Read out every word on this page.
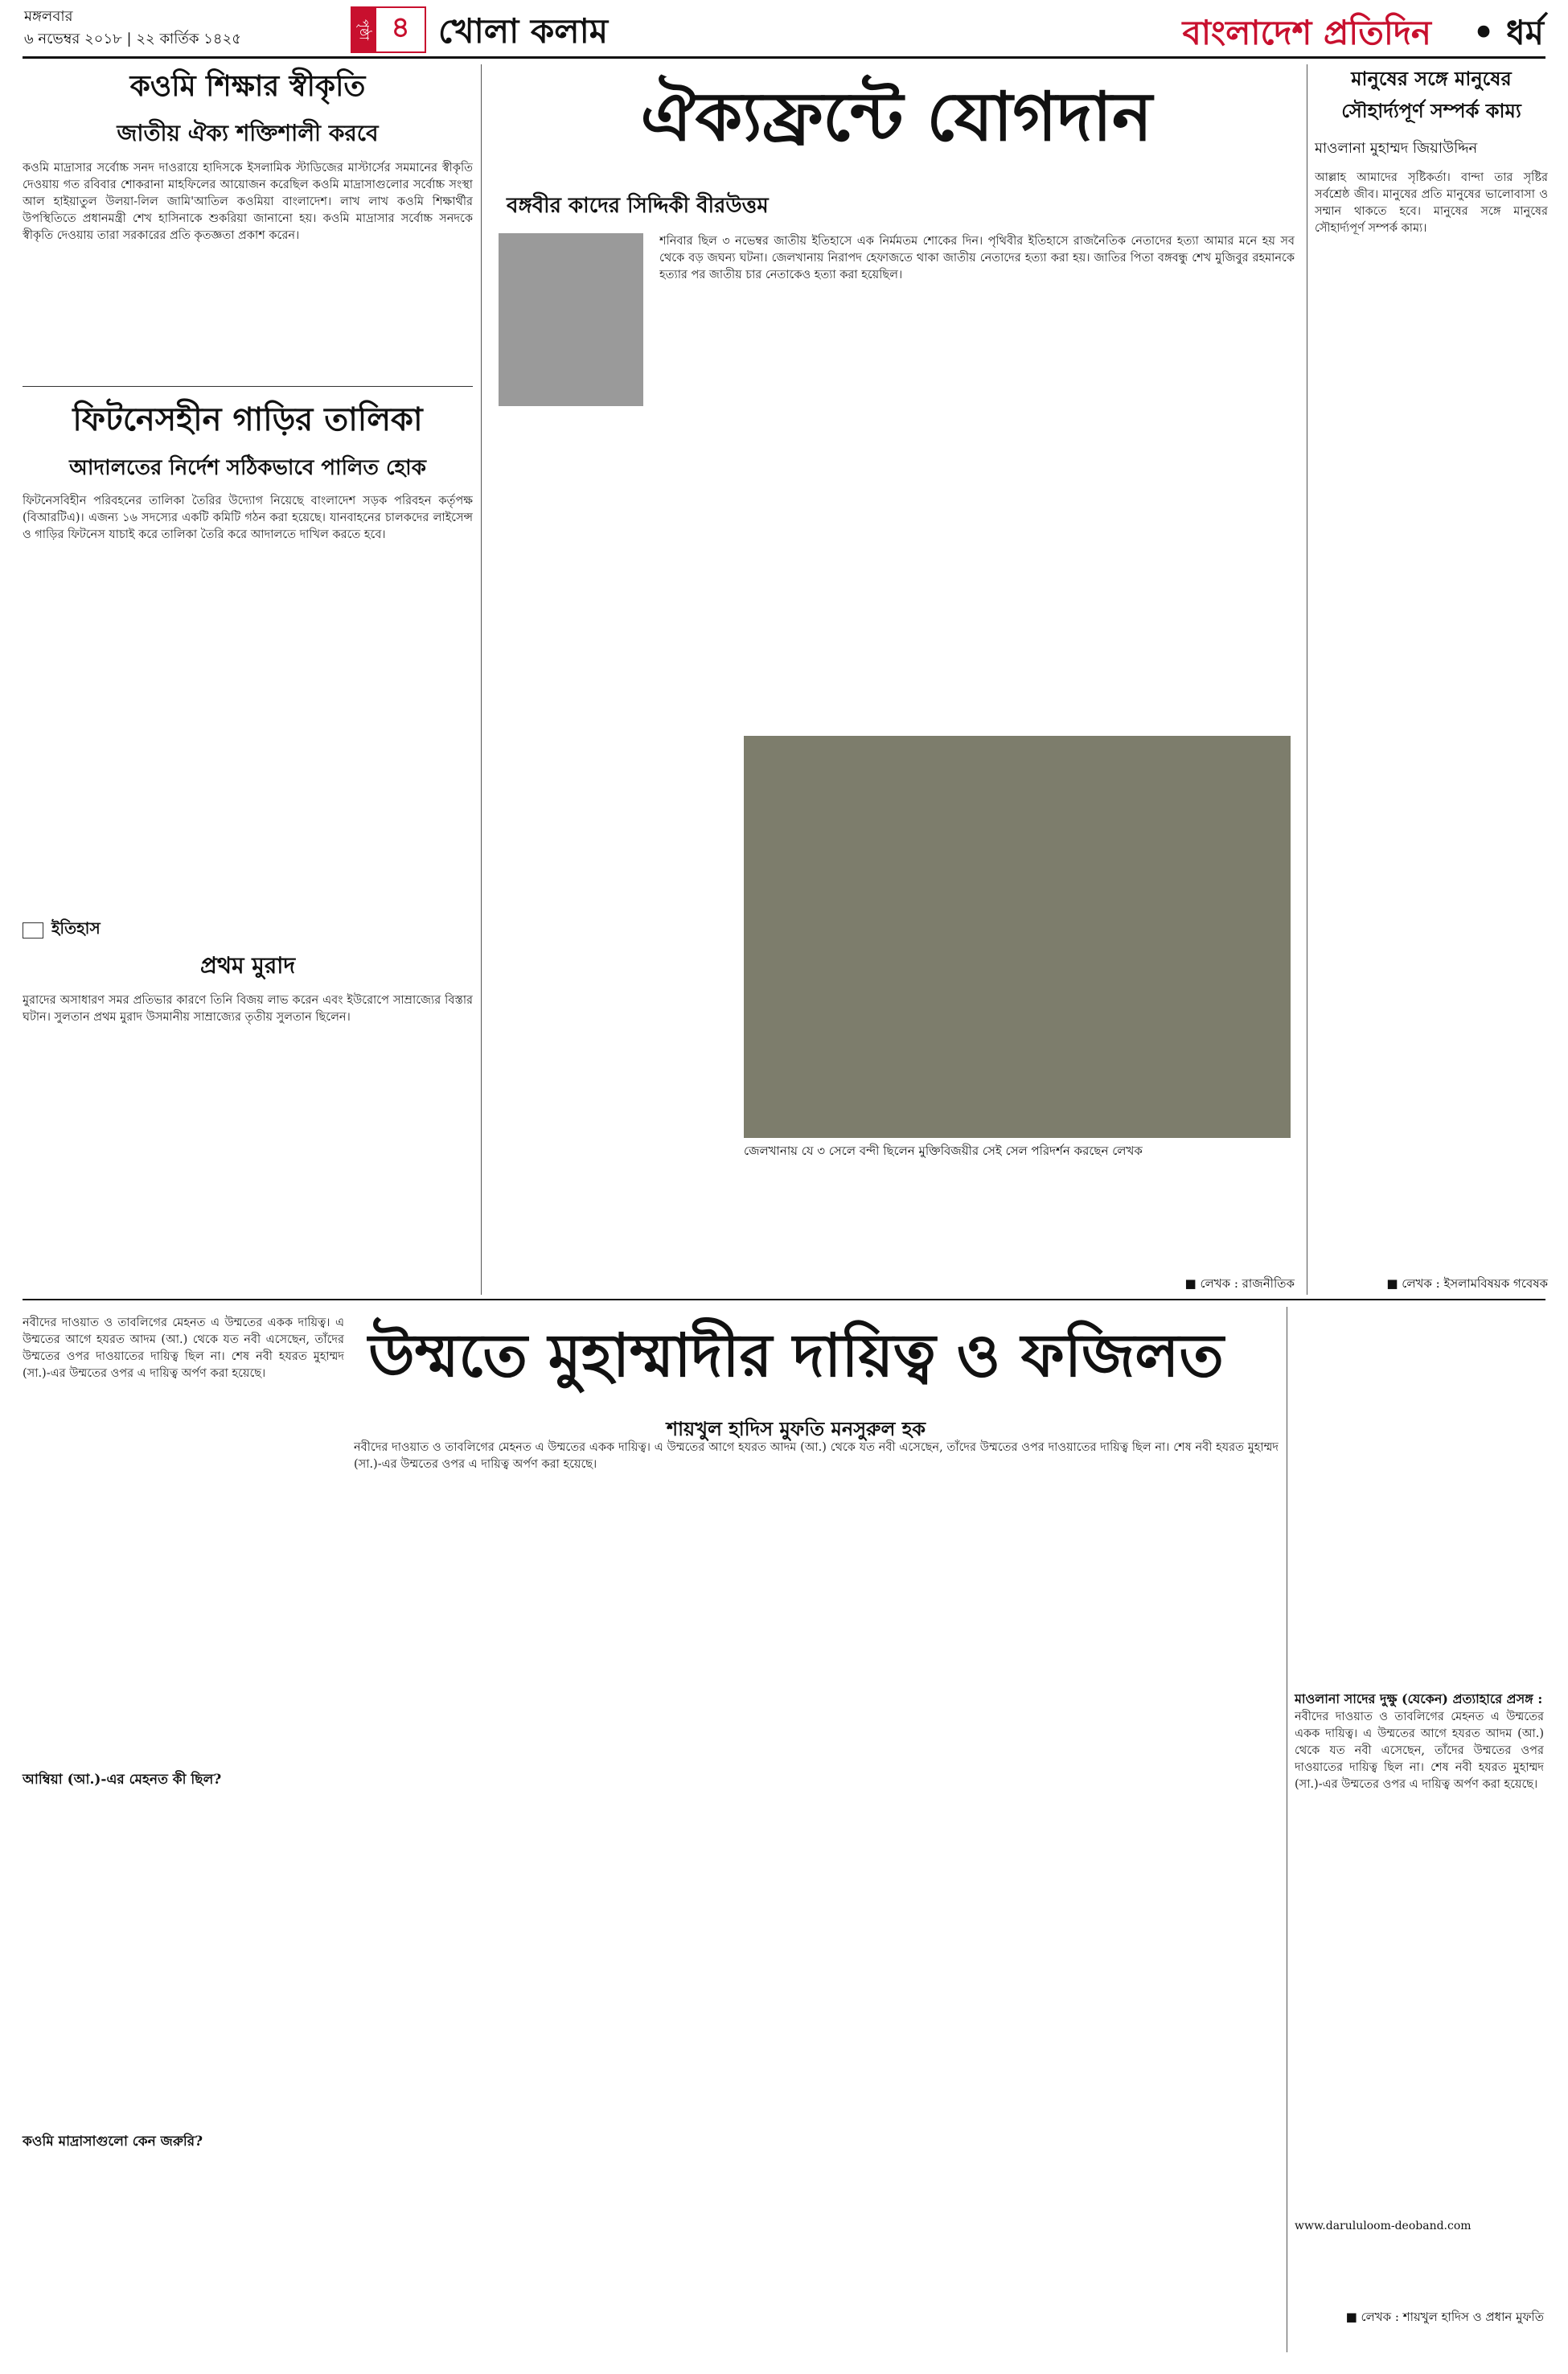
মঙ্গলবার
৬ নভেম্বর ২০১৮ | ২২ কার্তিক ১৪২৫	পৃষ্ঠা ৪ খোলা কলাম	বাংলাদেশ প্রতিদিন • ধর্ম
কওমি শিক্ষার স্বীকৃতি
জাতীয় ঐক্য শক্তিশালী করবে
কওমি মাদ্রাসার সর্বোচ্চ সনদ দাওরায়ে হাদিসকে ইসলামিক স্টাডিজের মাস্টার্সের সমমানের স্বীকৃতি দেওয়ায় গত রবিবার শোকরানা মাহফিলের আয়োজন করেছিল কওমি মাদ্রাসাগুলোর সর্বোচ্চ সংস্থা আল হাইয়াতুল উলয়া-লিল জামি'আতিল কওমিয়া বাংলাদেশ। লাখ লাখ কওমি শিক্ষার্থীর উপস্থিতিতে প্রধানমন্ত্রী শেখ হাসিনাকে শুকরিয়া জানানো হয়। কওমি মাদ্রাসার সর্বোচ্চ সনদকে স্বীকৃতি দেওয়ায় তারা সরকারের প্রতি কৃতজ্ঞতা প্রকাশ করেন।
ফিটনেসহীন গাড়ির তালিকা
আদালতের নির্দেশ সঠিকভাবে পালিত হোক
ফিটনেসবিহীন পরিবহনের তালিকা তৈরির উদ্যোগ নিয়েছে বাংলাদেশ সড়ক পরিবহন কর্তৃপক্ষ (বিআরটিএ)। এজন্য ১৬ সদস্যের একটি কমিটি গঠন করা হয়েছে। যানবাহনের চালকদের লাইসেন্স ও গাড়ির ফিটনেস যাচাই করে তালিকা তৈরি করে আদালতে দাখিল করতে হবে।
ইতিহাস
প্রথম মুরাদ
মুরাদের অসাধারণ সমর প্রতিভার কারণে তিনি বিজয় লাভ করেন এবং ইউরোপে সাম্রাজ্যের বিস্তার ঘটান। সুলতান প্রথম মুরাদ উসমানীয় সাম্রাজ্যের তৃতীয় সুলতান ছিলেন।
ঐক্যফ্রন্টে যোগদান
বঙ্গবীর কাদের সিদ্দিকী বীরউত্তম
শনিবার ছিল ৩ নভেম্বর জাতীয় ইতিহাসে এক নির্মমতম শোকের দিন। পৃথিবীর ইতিহাসে রাজনৈতিক নেতাদের হত্যা আমার মনে হয় সব থেকে বড় জঘন্য ঘটনা। জেলখানায় নিরাপদ হেফাজতে থাকা জাতীয় নেতাদের হত্যা করা হয়। জাতির পিতা বঙ্গবন্ধু শেখ মুজিবুর রহমানকে হত্যার পর জাতীয় চার নেতাকেও হত্যা করা হয়েছিল।
জেলখানায় যে ৩ সেলে বন্দী ছিলেন মুক্তিবিজয়ীর সেই সেল পরিদর্শন করছেন লেখক
■ লেখক : রাজনীতিক
মানুষের সঙ্গে মানুষের সৌহার্দ্যপূর্ণ সম্পর্ক কাম্য
মাওলানা মুহাম্মদ জিয়াউদ্দিন
আল্লাহ আমাদের সৃষ্টিকর্তা। বান্দা তার সৃষ্টির সর্বশ্রেষ্ঠ জীব। মানুষের প্রতি মানুষের ভালোবাসা ও সম্মান থাকতে হবে। মানুষের সঙ্গে মানুষের সৌহার্দ্যপূর্ণ সম্পর্ক কাম্য।
■ লেখক : ইসলামবিষয়ক গবেষক
উম্মতে মুহাম্মাদীর দায়িত্ব ও ফজিলত
শায়খুল হাদিস মুফতি মনসুরুল হক
নবীদের দাওয়াত ও তাবলিগের মেহনত এ উম্মতের একক দায়িত্ব। এ উম্মতের আগে হযরত আদম (আ.) থেকে যত নবী এসেছেন, তাঁদের উম্মতের ওপর দাওয়াতের দায়িত্ব ছিল না। শেষ নবী হযরত মুহাম্মদ (সা.)-এর উম্মতের ওপর এ দায়িত্ব অর্পণ করা হয়েছে।
আম্বিয়া (আ.)-এর মেহনত কী ছিল?
কওমি মাদ্রাসাগুলো কেন জরুরি?
নবীদের দাওয়াত ও তাবলিগের মেহনত এ উম্মতের একক দায়িত্ব। এ উম্মতের আগে হযরত আদম (আ.) থেকে যত নবী এসেছেন, তাঁদের উম্মতের ওপর দাওয়াতের দায়িত্ব ছিল না। শেষ নবী হযরত মুহাম্মদ (সা.)-এর উম্মতের ওপর এ দায়িত্ব অর্পণ করা হয়েছে।
মাওলানা সাদের দুক্ষু (যেকেন) প্রত্যাহারে প্রসঙ্গ :
নবীদের দাওয়াত ও তাবলিগের মেহনত এ উম্মতের একক দায়িত্ব। এ উম্মতের আগে হযরত আদম (আ.) থেকে যত নবী এসেছেন, তাঁদের উম্মতের ওপর দাওয়াতের দায়িত্ব ছিল না। শেষ নবী হযরত মুহাম্মদ (সা.)-এর উম্মতের ওপর এ দায়িত্ব অর্পণ করা হয়েছে।
www.darululoom-deoband.com
■ লেখক : শায়খুল হাদিস ও প্রধান মুফতি
